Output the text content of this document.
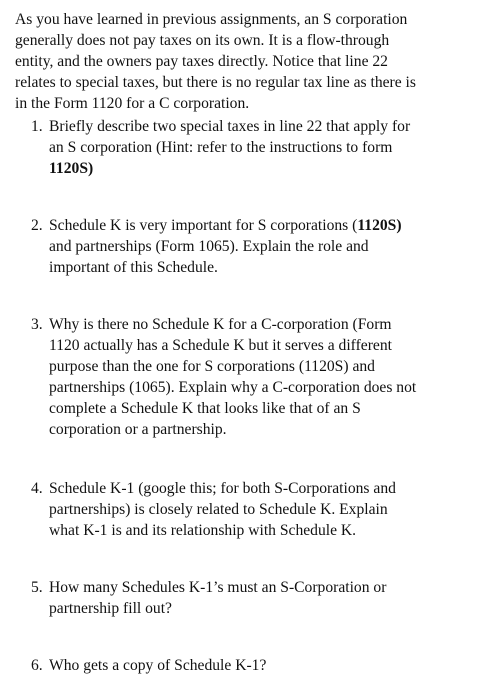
As you have learned in previous assignments, an S corporation
generally does not pay taxes on its own. It is a flow-through
entity, and the owners pay taxes directly. Notice that line 22
relates to special taxes, but there is no regular tax line as there is
in the Form 1120 for a C corporation.
1. Briefly describe two special taxes in line 22 that apply for
an S corporation (Hint: refer to the instructions to form
1120S)
2. Schedule K is very important for S corporations (1120S)
and partnerships (Form 1065). Explain the role and
important of this Schedule.
3. Why is there no Schedule K for a C-corporation (Form
1120 actually has a Schedule K but it serves a different
purpose than the one for S corporations (1120S) and
partnerships (1065). Explain why a C-corporation does not
complete a Schedule K that looks like that of an S
corporation or a partnership.
4. Schedule K-1 (google this; for both S-Corporations and
partnerships) is closely related to Schedule K. Explain
what K-1 is and its relationship with Schedule K.
5. How many Schedules K-1’s must an S-Corporation or
partnership fill out?
6. Who gets a copy of Schedule K-1?
